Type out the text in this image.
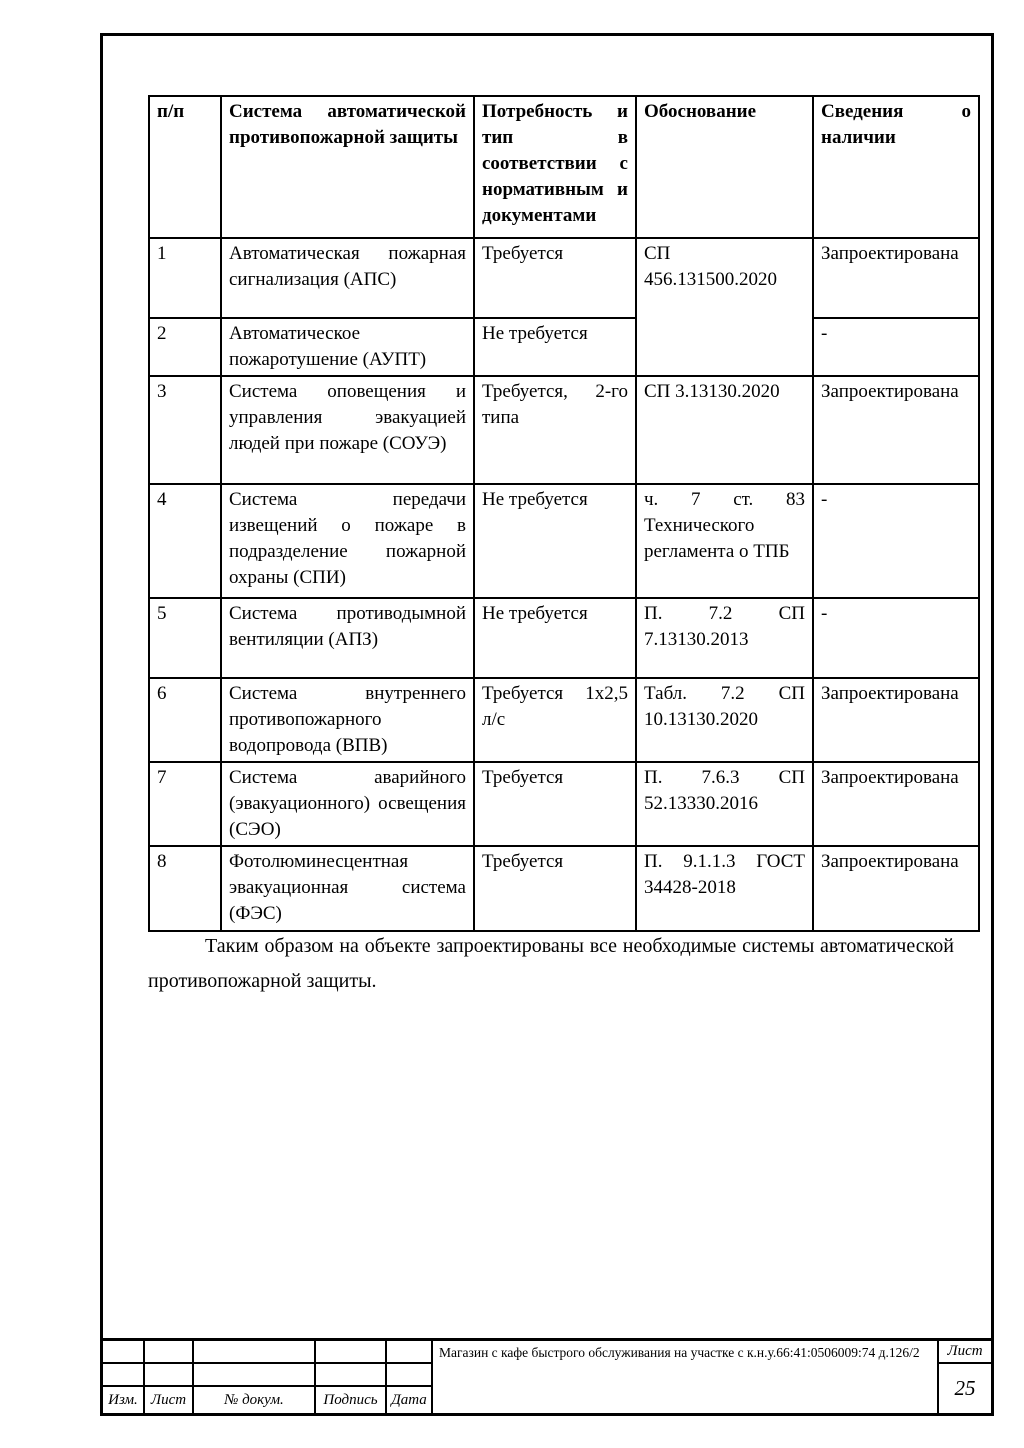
п/п	Система автоматической противопожарной защиты	Потребность и тип в соответствии с нормативным и документами	Обоснование	Сведения о наличии
1	Автоматическая пожарная сигнализация (АПС)	Требуется	СП 456.131500.2020	Запроектирована
2	Автоматическое пожаротушение (АУПТ)	Не требуется		-
3	Система оповещения и управления эвакуацией людей при пожаре (СОУЭ)	Требуется, 2-го типа	СП 3.13130.2020	Запроектирована
4	Система передачи извещений о пожаре в подразделение пожарной охраны (СПИ)	Не требуется	ч. 7 ст. 83 Технического регламента о ТПБ	-
5	Система противодымной вентиляции (АПЗ)	Не требуется	П. 7.2 СП 7.13130.2013	-
6	Система внутреннего противопожарного водопровода (ВПВ)	Требуется 1х2,5 л/с	Табл. 7.2 СП 10.13130.2020	Запроектирована
7	Система аварийного (эвакуационного) освещения (СЭО)	Требуется	П. 7.6.3 СП 52.13330.2016	Запроектирована
8	Фотолюминесцентная эвакуационная система (ФЭС)	Требуется	П. 9.1.1.3 ГОСТ 34428-2018	Запроектирована
Таким образом на объекте запроектированы все необходимые системы автоматической противопожарной защиты.
Изм. Лист	№ докум.	Подпись Дата
Магазин с кафе быстрого обслуживания на участке с к.н.у.66:41:0506009:74 д.126/2	Лист
25
